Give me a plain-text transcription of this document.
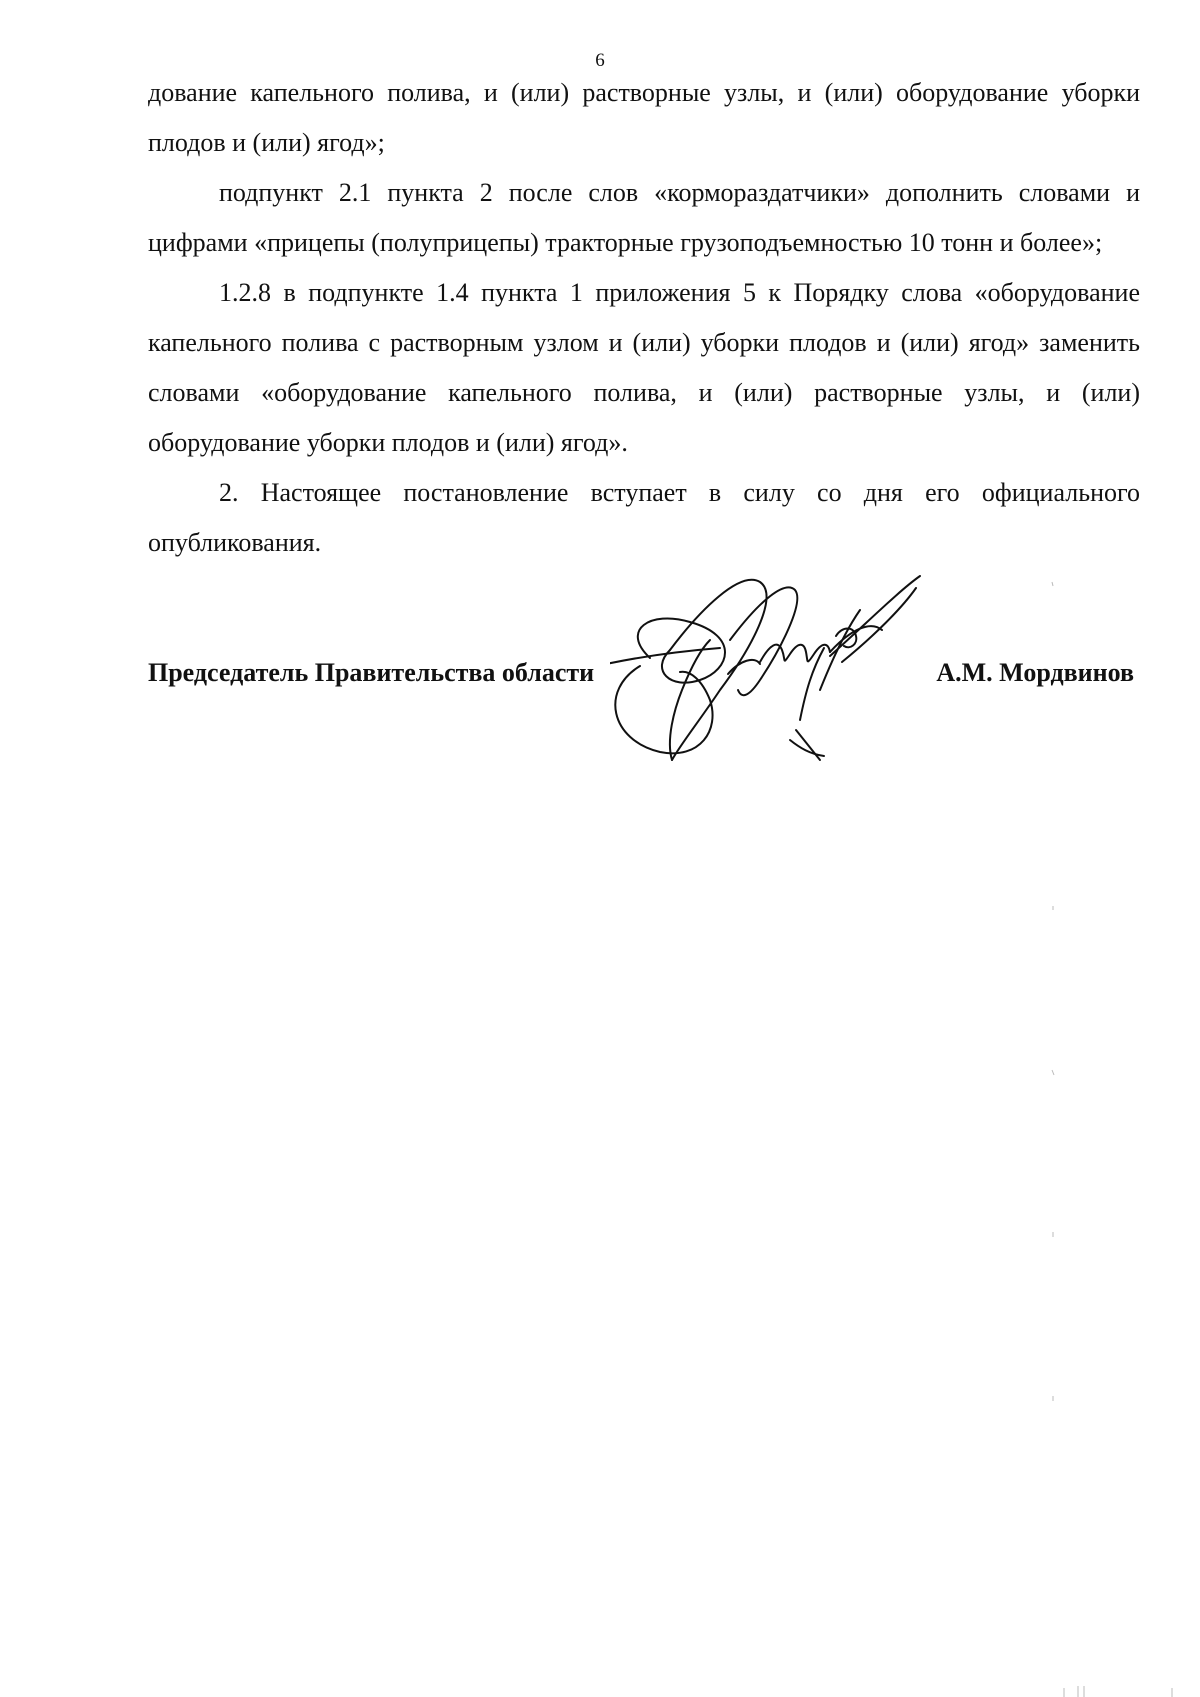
6

дование капельного полива, и (или) растворные узлы, и (или) оборудование уборки плодов и (или) ягод»;

подпункт 2.1 пункта 2 после слов «кормораздатчики» дополнить словами и цифрами «прицепы (полуприцепы) тракторные грузоподъемностью 10 тонн и более»;

1.2.8 в подпункте 1.4 пункта 1 приложения 5 к Порядку слова «оборудование капельного полива с растворным узлом и (или) уборки плодов и (или) ягод» заменить словами «оборудование капельного полива, и (или) растворные узлы, и (или) оборудование уборки плодов и (или) ягод».

2. Настоящее постановление вступает в силу со дня его официального опубликования.

Председатель Правительства области	А.М. Мордвинов
